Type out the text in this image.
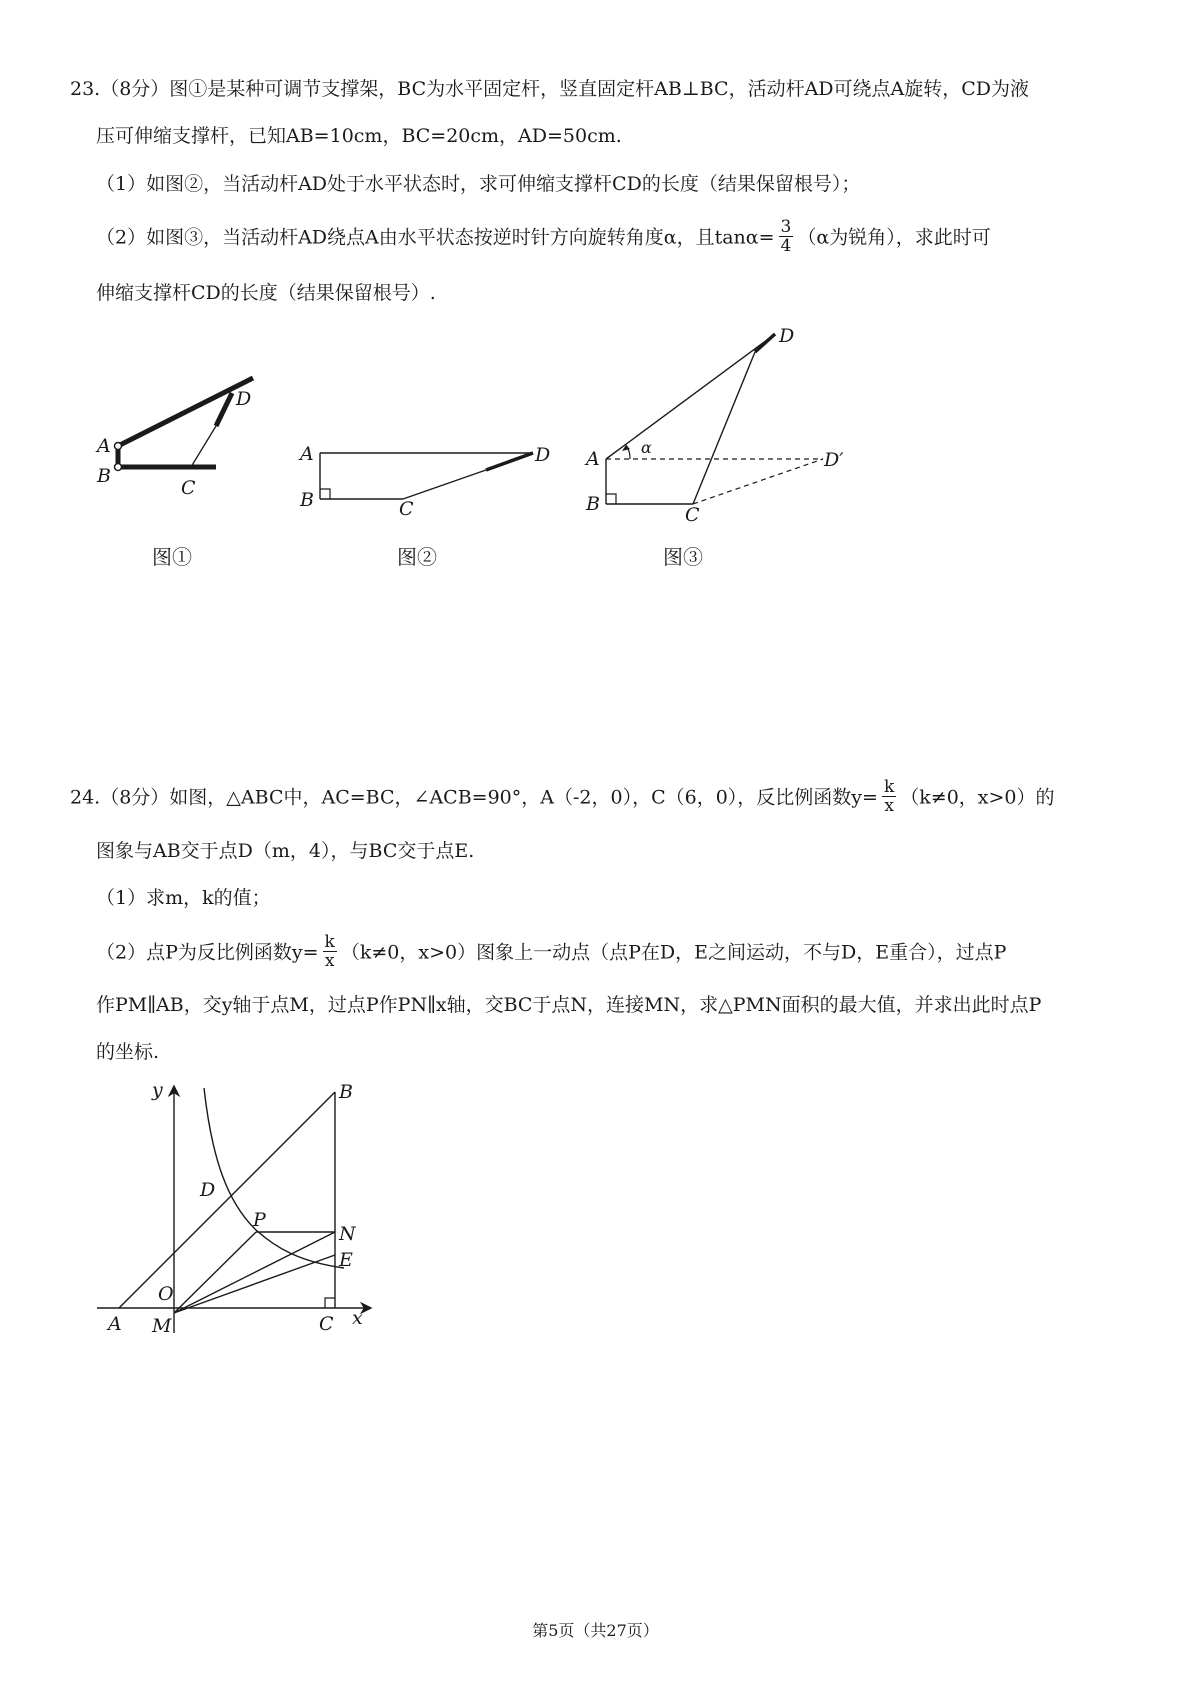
23.（8分）图①是某种可调节支撑架，BC为水平固定杆，竖直固定杆AB⊥BC，活动杆AD可绕点A旋转，CD为液
压可伸缩支撑杆，已知AB=10cm，BC=20cm，AD=50cm.
（1）如图②，当活动杆AD处于水平状态时，求可伸缩支撑杆CD的长度（结果保留根号）；
（2）如图③，当活动杆AD绕点A由水平状态按逆时针方向旋转角度α，且$\tan\alpha= \frac{3}{4} (\alpha$为锐角），求此时可
伸缩支撑杆CD的长度（结果保留根号）.
A
B
C
D
图①
A
B	C
D
图②
α
A
B	C
D
D′
图③
24.（8分）如图，△ABC中，AC=BC，∠ACB=90°，A（-2，0），C（6，0），反比例函数$y= \frac{k}{x} (k\ne 0$，x>0）的
图象与AB交于点D（m，4），与BC交于点E.
（1）求m，k的值；
（2）点P为反比例函数$y= \frac{k}{x} (k\ne 0$，x>0）图象上一动点（点P在D，E之间运动，不与D，E重合），过点P
作PM∥AB，交y轴于点M，过点P作PN∥x轴，交BC于点N，连接MN，求△PMN面积的最大值，并求出此时点P
的坐标.
y
x
O
A
B
C
D
P
N
E
M
第5页（共27页）
